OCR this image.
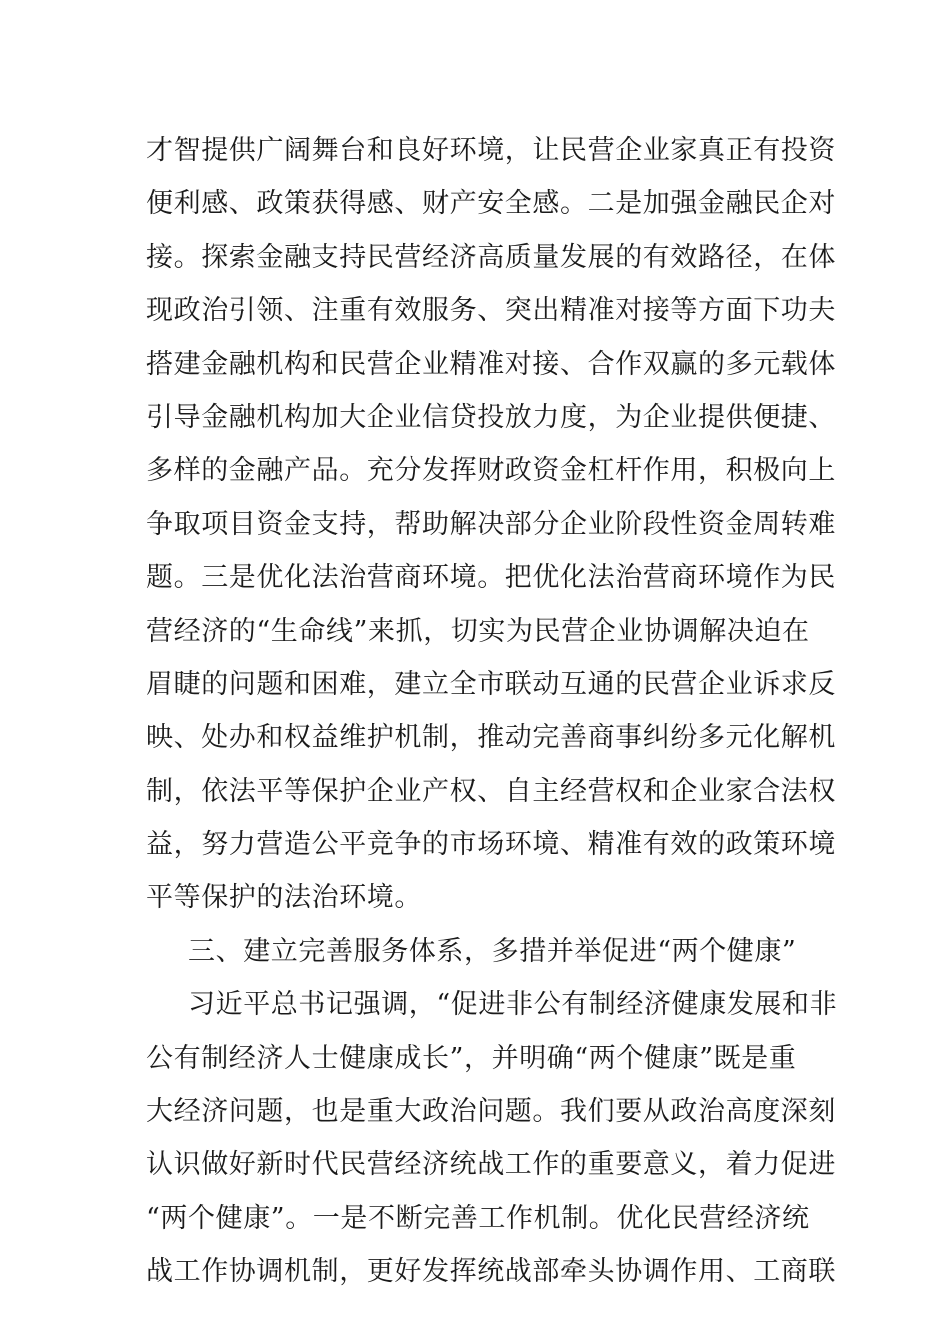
才智提供广阔舞台和良好环境，让民营企业家真正有投资
便利感、政策获得感、财产安全感。二是加强金融民企对
接。探索金融支持民营经济高质量发展的有效路径，在体
现政治引领、注重有效服务、突出精准对接等方面下功夫
搭建金融机构和民营企业精准对接、合作双赢的多元载体
引导金融机构加大企业信贷投放力度，为企业提供便捷、
多样的金融产品。充分发挥财政资金杠杆作用，积极向上
争取项目资金支持，帮助解决部分企业阶段性资金周转难
题。三是优化法治营商环境。把优化法治营商环境作为民
营经济的“生命线”来抓，切实为民营企业协调解决迫在
眉睫的问题和困难，建立全市联动互通的民营企业诉求反
映、处办和权益维护机制，推动完善商事纠纷多元化解机
制，依法平等保护企业产权、自主经营权和企业家合法权
益，努力营造公平竞争的市场环境、精准有效的政策环境
平等保护的法治环境。
三、建立完善服务体系，多措并举促进“两个健康”
习近平总书记强调，“促进非公有制经济健康发展和非
公有制经济人士健康成长”，并明确“两个健康”既是重
大经济问题，也是重大政治问题。我们要从政治高度深刻
认识做好新时代民营经济统战工作的重要意义，着力促进
“两个健康”。一是不断完善工作机制。优化民营经济统
战工作协调机制，更好发挥统战部牵头协调作用、工商联
